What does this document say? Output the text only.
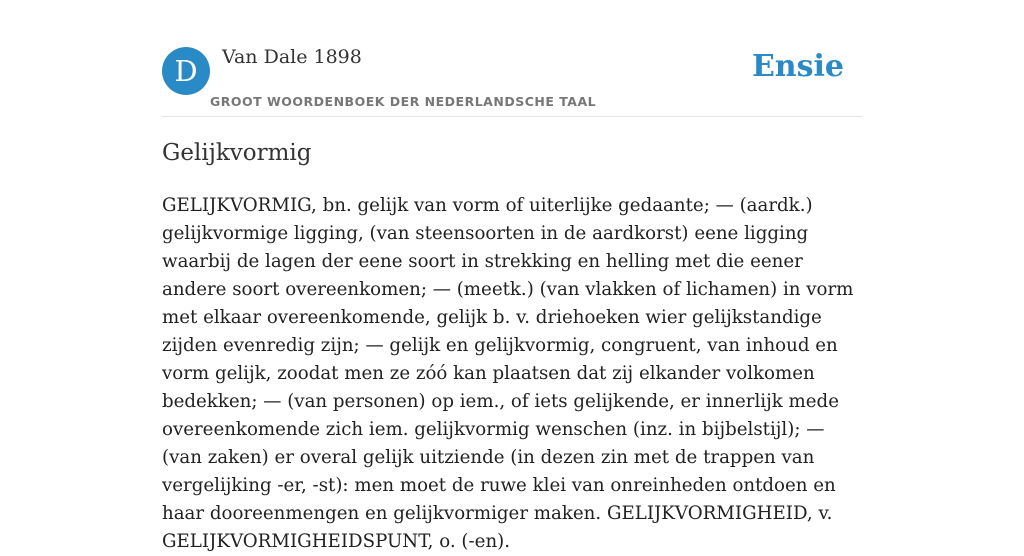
D	Van Dale 1898
GROOT WOORDENBOEK DER NEDERLANDSCHE TAAL
Ensie
Gelijkvormig

GELIJKVORMIG, bn. gelijk van vorm of uiterlijke gedaante; — (aardk.) gelijkvormige ligging, (van steensoorten in de aardkorst) eene ligging waarbij de lagen der eene soort in strekking en helling met die eener andere soort overeenkomen; — (meetk.) (van vlakken of lichamen) in vorm met elkaar overeenkomende, gelijk b. v. driehoeken wier gelijkstandige zijden evenredig zijn; — gelijk en gelijkvormig, congruent, van inhoud en vorm gelijk, zoodat men ze zóó kan plaatsen dat zij elkander volkomen bedekken; — (van personen) op iem., of iets gelijkende, er innerlijk mede overeenkomende zich iem. gelijkvormig wenschen (inz. in bijbelstijl); — (van zaken) er overal gelijk uitziende (in dezen zin met de trappen van vergelijking -er, -st): men moet de ruwe klei van onreinheden ontdoen en haar dooreenmengen en gelijkvormiger maken. GELIJKVORMIGHEID, v. GELIJKVORMIGHEIDSPUNT, o. (-en).
